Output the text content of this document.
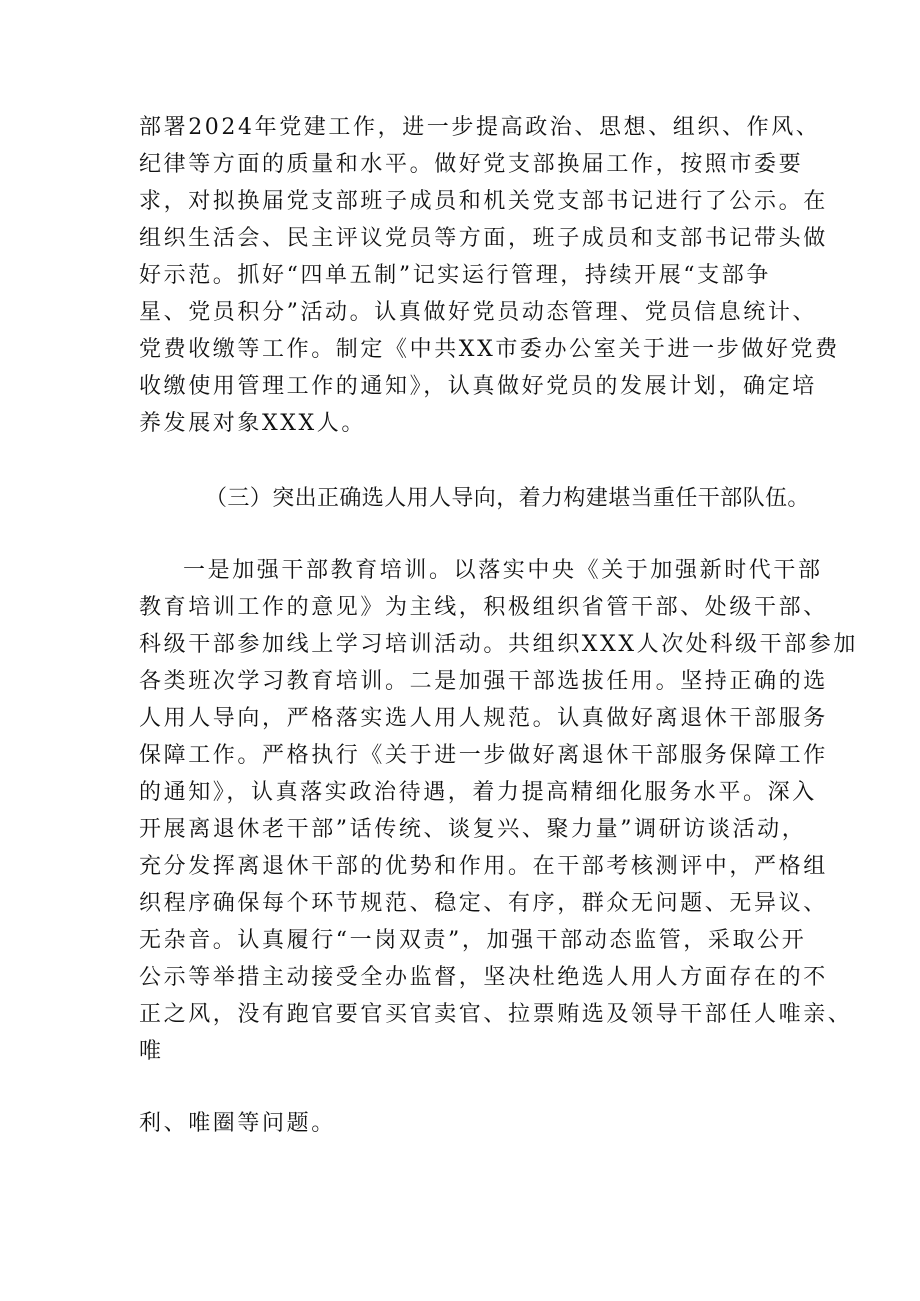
部署2024年党建工作，进一步提高政治、思想、组织、作风、
纪律等方面的质量和水平。做好党支部换届工作，按照市委要
求，对拟换届党支部班子成员和机关党支部书记进行了公示。在
组织生活会、民主评议党员等方面，班子成员和支部书记带头做
好示范。抓好“四单五制”记实运行管理，持续开展“支部争
星、党员积分”活动。认真做好党员动态管理、党员信息统计、
党费收缴等工作。制定《中共XX市委办公室关于进一步做好党费
收缴使用管理工作的通知》，认真做好党员的发展计划，确定培
养发展对象XXX人。
（三）突出正确选人用人导向，着力构建堪当重任干部队伍。
一是加强干部教育培训。以落实中央《关于加强新时代干部
教育培训工作的意见》为主线，积极组织省管干部、处级干部、
科级干部参加线上学习培训活动。共组织XXX人次处科级干部参加
各类班次学习教育培训。二是加强干部选拔任用。坚持正确的选
人用人导向，严格落实选人用人规范。认真做好离退休干部服务
保障工作。严格执行《关于进一步做好离退休干部服务保障工作
的通知》，认真落实政治待遇，着力提高精细化服务水平。深入
开展离退休老干部”话传统、谈复兴、聚力量”调研访谈活动，
充分发挥离退休干部的优势和作用。在干部考核测评中，严格组
织程序确保每个环节规范、稳定、有序，群众无问题、无异议、
无杂音。认真履行“一岗双责”，加强干部动态监管，采取公开
公示等举措主动接受全办监督，坚决杜绝选人用人方面存在的不
正之风，没有跑官要官买官卖官、拉票贿选及领导干部任人唯亲、
唯
利、唯圈等问题。
